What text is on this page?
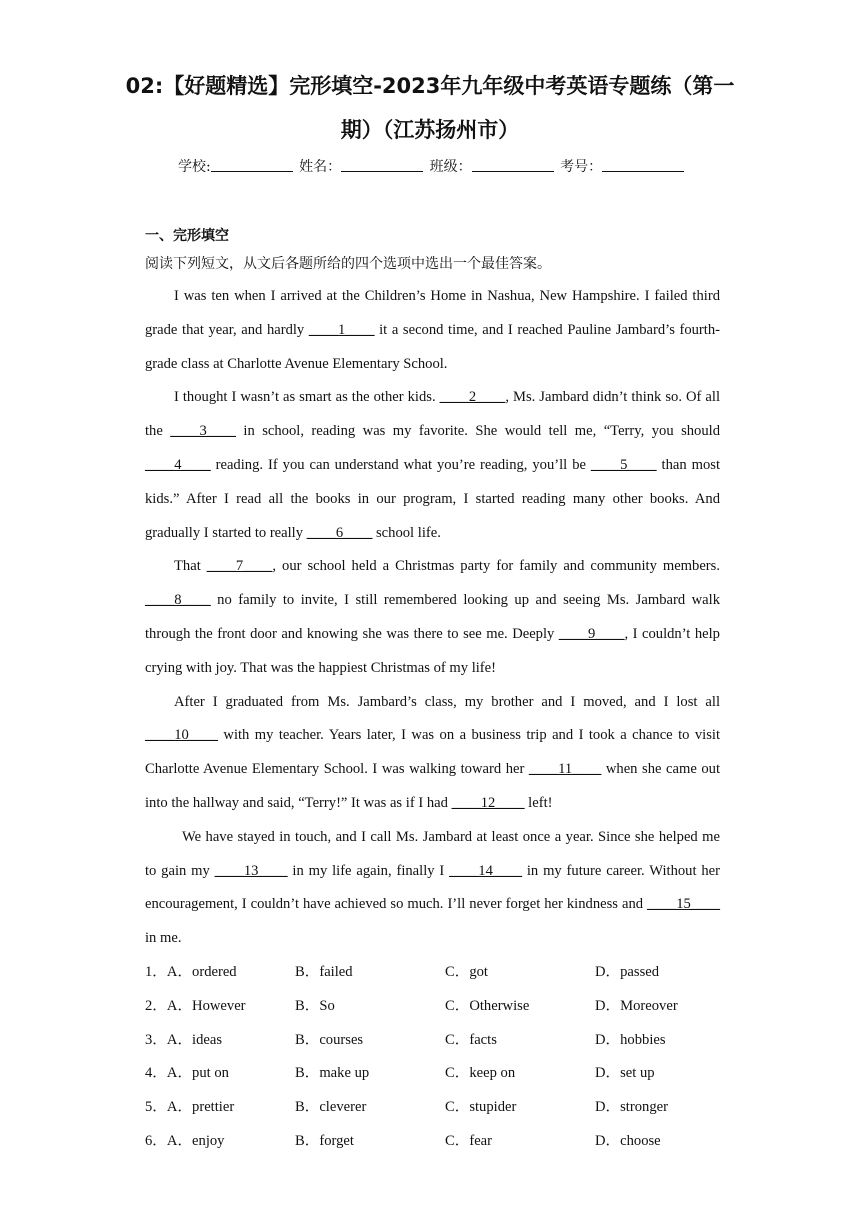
02:【好题精选】完形填空-2023年九年级中考英语专题练（第一期）（江苏扬州市）
学校:	姓名：	班级：	考号：
一、完形填空

阅读下列短文，从文后各题所给的四个选项中选出一个最佳答案。

I was ten when I arrived at the Children’s Home in Nashua, New Hampshire. I failed third grade that year, and hardly ____1____ it a second time, and I reached Pauline Jambard’s fourth-grade class at Charlotte Avenue Elementary School.

I thought I wasn’t as smart as the other kids. ____2____, Ms. Jambard didn’t think so. Of all the ____3____ in school, reading was my favorite. She would tell me, “Terry, you should ____4____ reading. If you can understand what you’re reading, you’ll be ____5____ than most kids.” After I read all the books in our program, I started reading many other books. And gradually I started to really ____6____ school life.

That ____7____, our school held a Christmas party for family and community members. ____8____ no family to invite, I still remembered looking up and seeing Ms. Jambard walk through the front door and knowing she was there to see me. Deeply ____9____, I couldn’t help crying with joy. That was the happiest Christmas of my life!

After I graduated from Ms. Jambard’s class, my brother and I moved, and I lost all ____10____ with my teacher. Years later, I was on a business trip and I took a chance to visit Charlotte Avenue Elementary School. I was walking toward her ____11____ when she came out into the hallway and said, “Terry!” It was as if I had ____12____ left!

We have stayed in touch, and I call Ms. Jambard at least once a year. Since she helped me to gain my ____13____ in my life again, finally I ____14____ in my future career. Without her encouragement, I couldn’t have achieved so much. I’ll never forget her kindness and ____15____ in me.

1．A．ordered	B．failed	C．got	D．passed
2．A．However	B．So	C．Otherwise	D．Moreover
3．A．ideas	B．courses	C．facts	D．hobbies
4．A．put on	B．make up	C．keep on	D．set up
5．A．prettier	B．cleverer	C．stupider	D．stronger
6．A．enjoy	B．forget	C．fear	D．choose
